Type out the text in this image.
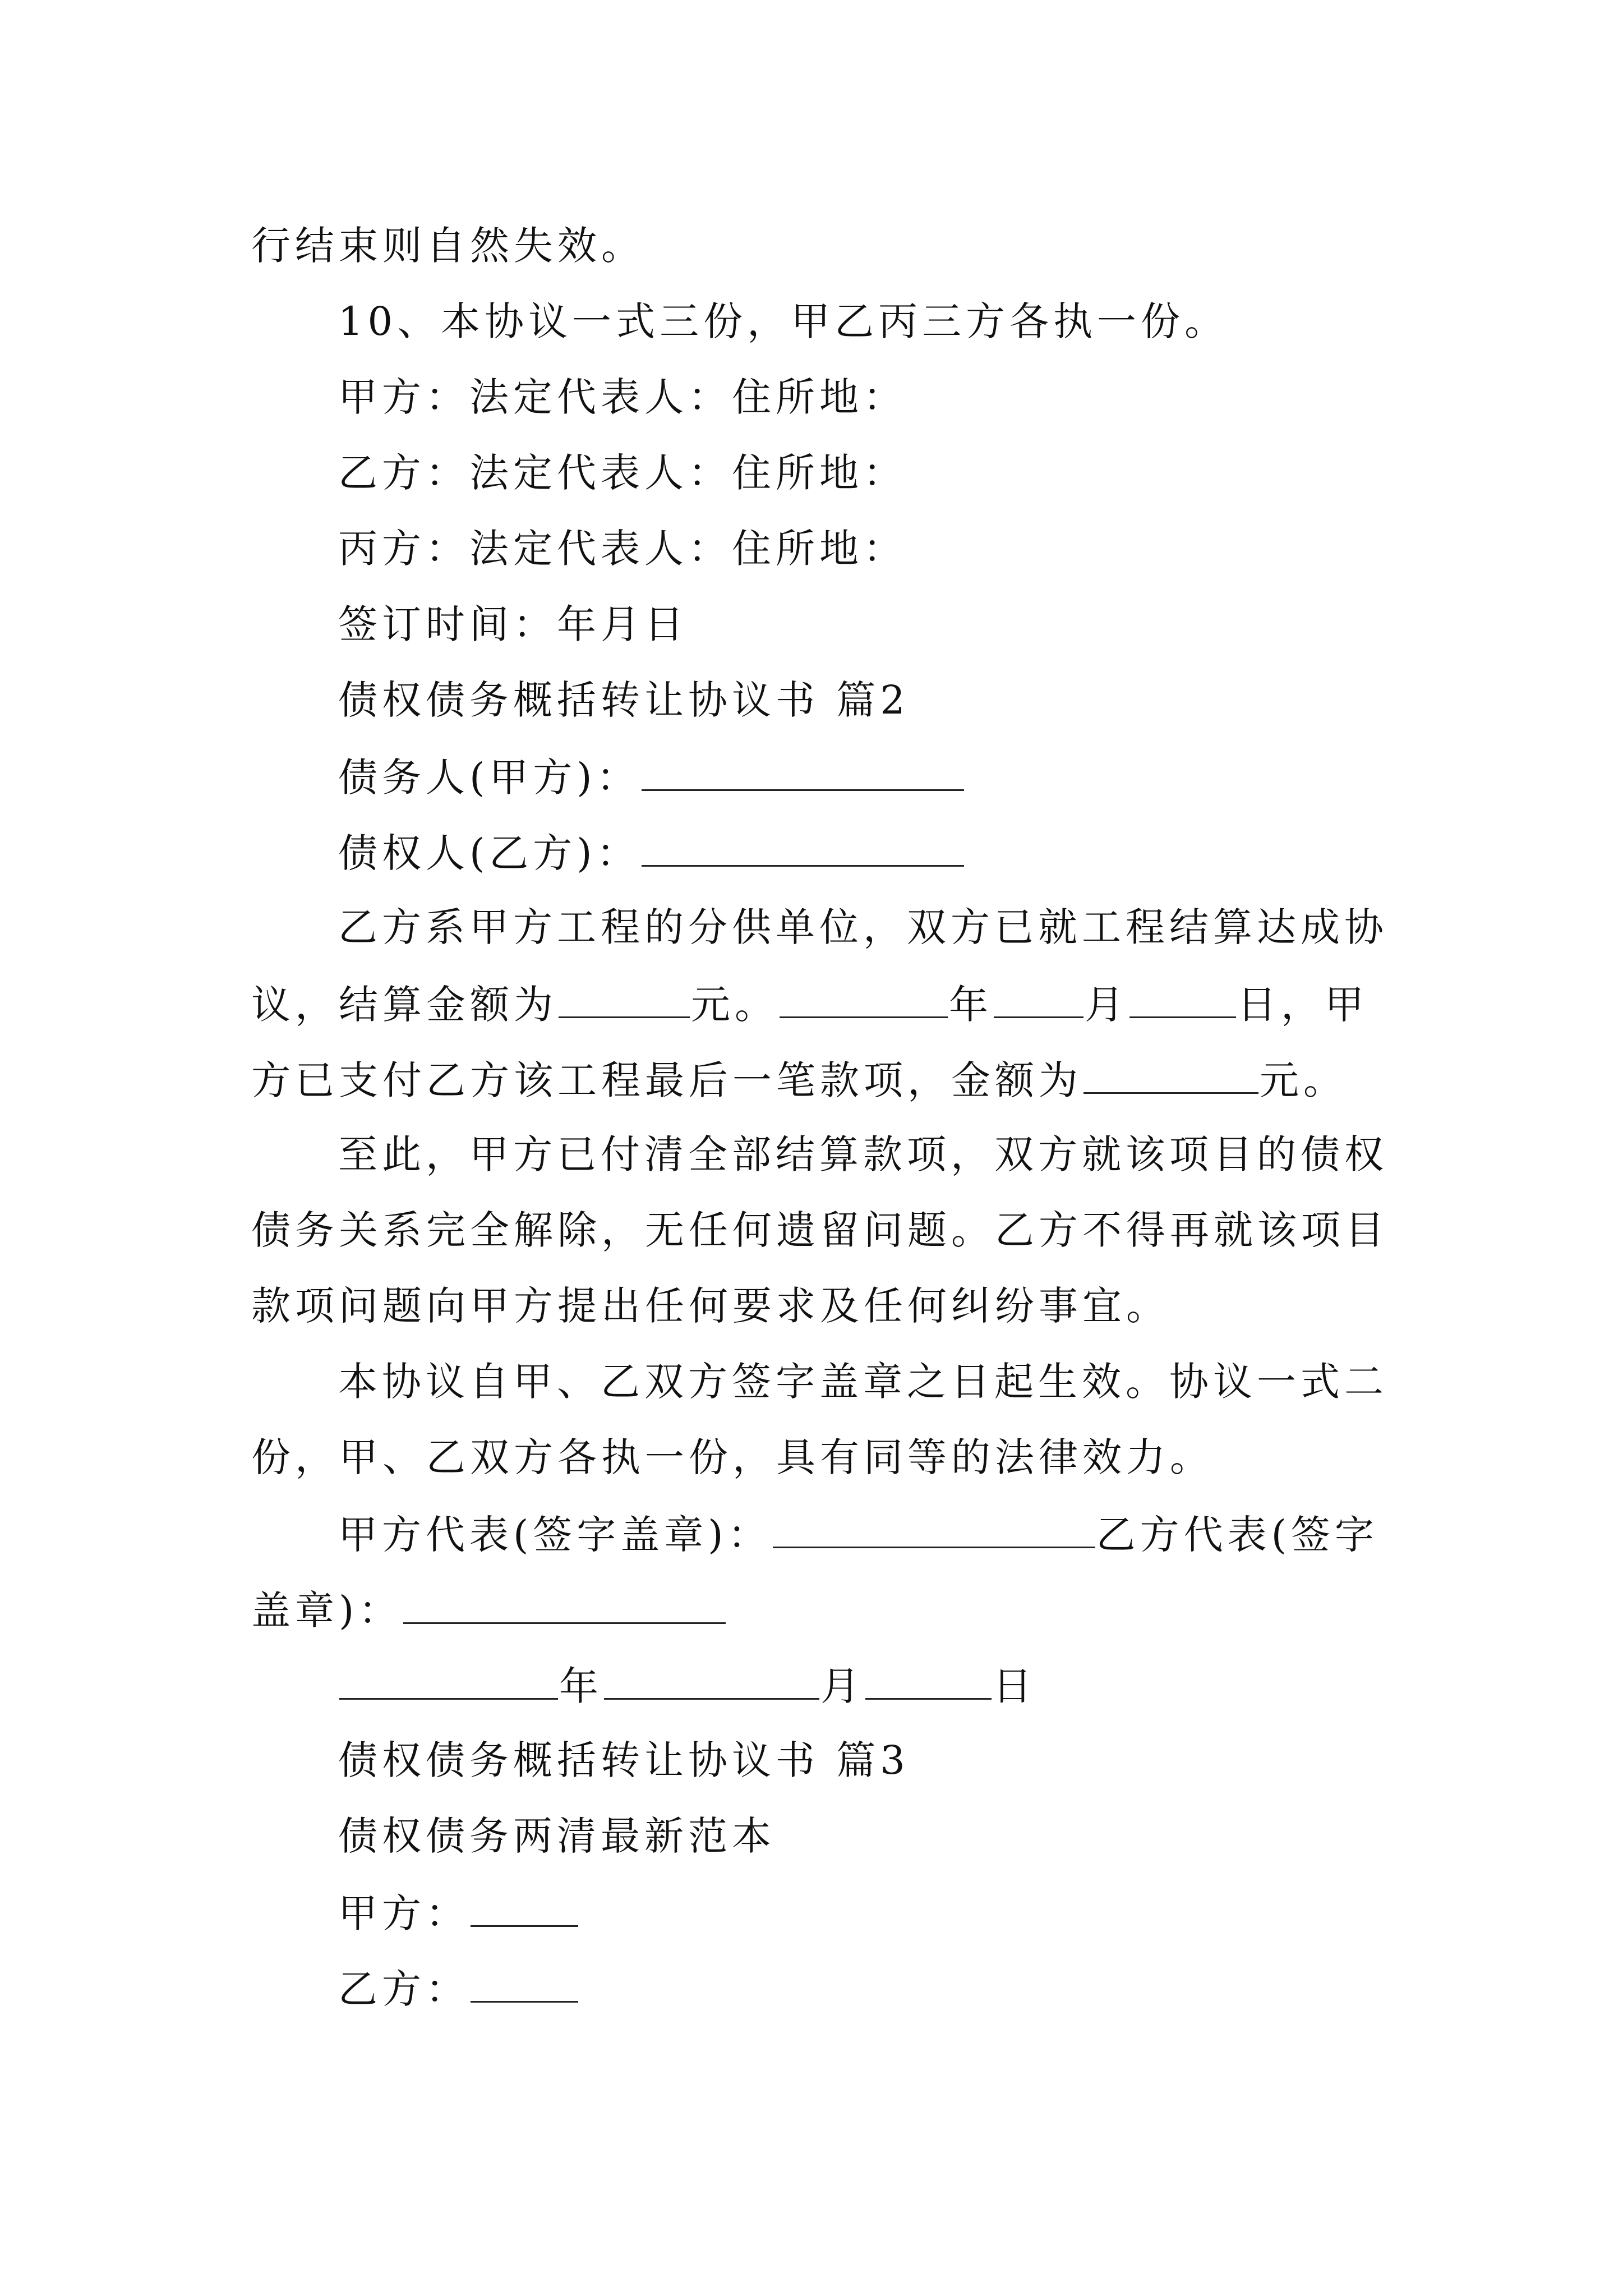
行结束则自然失效。
10、本协议一式三份，甲乙丙三方各执一份。
甲方：法定代表人：住所地：
乙方：法定代表人：住所地：
丙方：法定代表人：住所地：
签订时间：年月日
债权债务概括转让协议书 篇2
债务人(甲方)：
债权人(乙方)：
乙方系甲方工程的分供单位，双方已就工程结算达成协
议，结算金额为	元。	年 月	日，甲
方已支付乙方该工程最后一笔款项，金额为	元。
至此，甲方已付清全部结算款项，双方就该项目的债权
债务关系完全解除，无任何遗留问题。乙方不得再就该项目
款项问题向甲方提出任何要求及任何纠纷事宜。
本协议自甲、乙双方签字盖章之日起生效。协议一式二
份，甲、乙双方各执一份，具有同等的法律效力。
甲方代表(签字盖章)：	乙方代表(签字
盖章)：
年	月	日
债权债务概括转让协议书 篇3
债权债务两清最新范本
甲方：
乙方：
